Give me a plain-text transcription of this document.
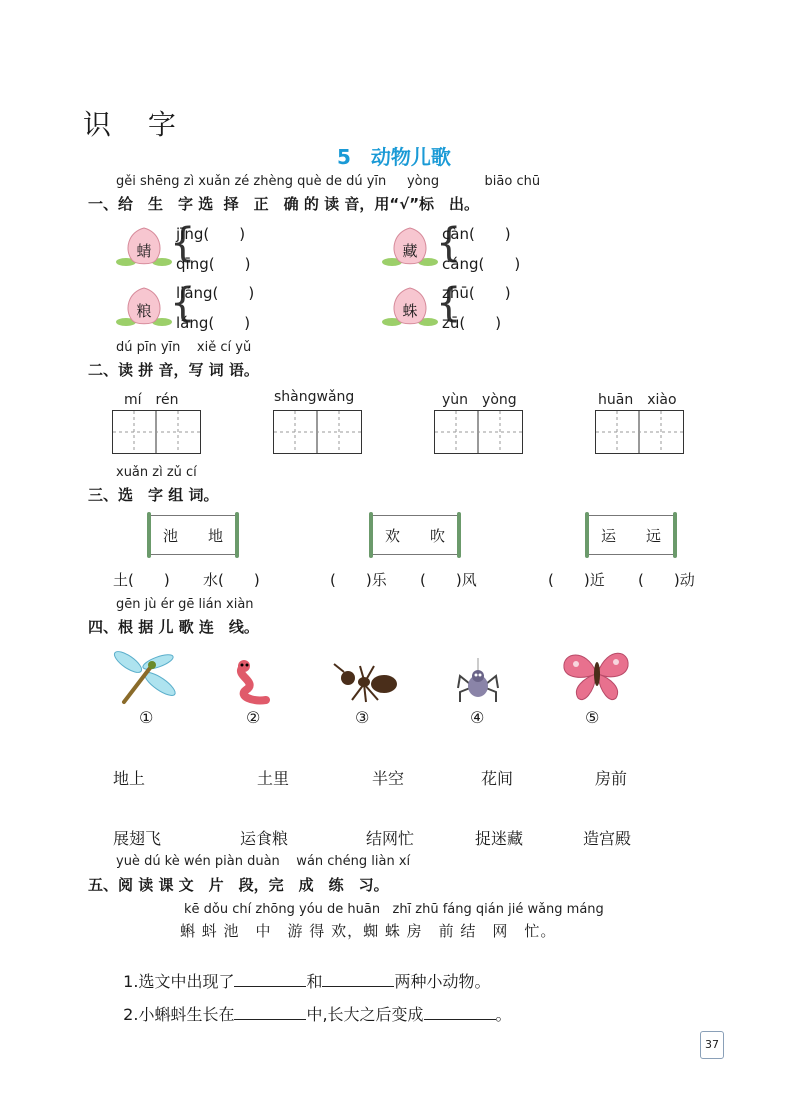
识 字
5　动物儿歌
gěi shēng zì xuǎn zé zhèng què de dú yīn     yòng           biāo chū
一、给　生　字 选  择　正　确 的 读 音，用“√”标　出。
蜻 {
jīng(　　)
qīng(　　)
藏 {
càn(　　)
cáng(　　)
粮 {
liáng(　　)
láng(　　)
蛛 {
zhū(　　)
zū(　　)
dú pīn yīn    xiě cí yǔ
二、读 拼 音，写 词 语。
mí　rén	shàngwǎng	yùn　yòng	huān　xiào
xuǎn zì zǔ cí
三、选　字 组 词。
池　　地	欢　　吹	运　　远
土(　　) 水(　　)	(　　)乐 (　　)风	(　　)近 (　　)动
gēn jù ér gē lián xiàn
四、根 据 儿 歌 连　线。
①	②	③	④	⑤
地上	土里	半空	花间	房前
展翅飞	运食粮	结网忙	捉迷藏	造宫殿
yuè dú kè wén piàn duàn    wán chéng liàn xí
五、阅 读 课 文　片　段，完　成　练　习。
kē dǒu chí zhōng yóu de huān   zhī zhū fáng qián jié wǎng máng
蝌 蚪 池　中　游 得 欢，蜘 蛛 房　前 结　网　忙。

1.选文中出现了	和	两种小动物。

2.小蝌蚪生长在	中,长大之后变成	。

37
